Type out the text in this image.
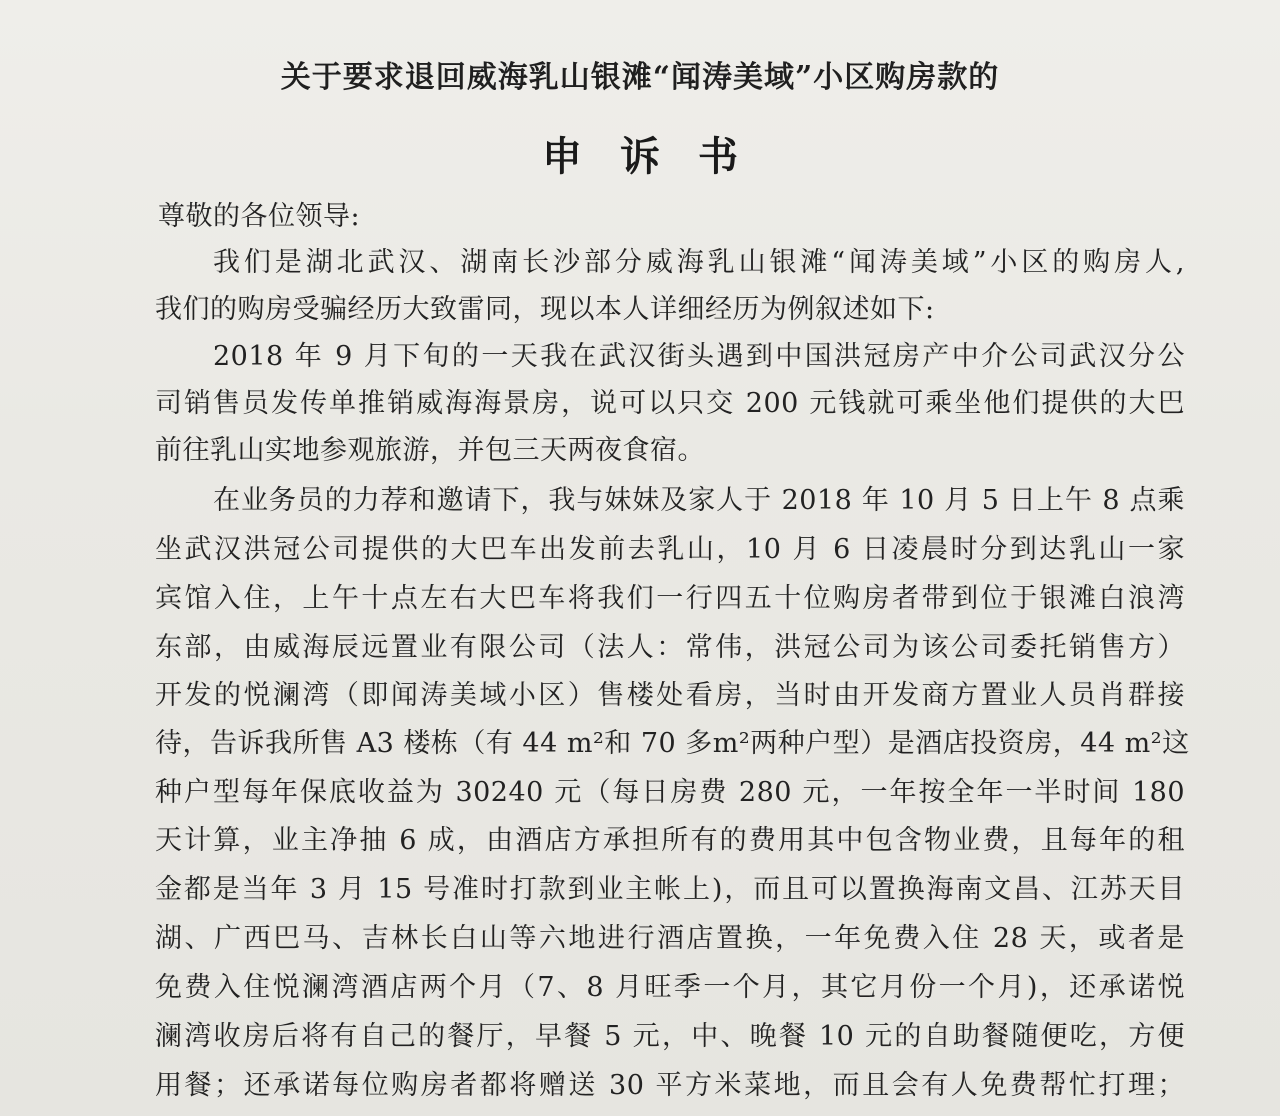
关于要求退回威海乳山银滩“闻涛美域”小区购房款的
申诉书
尊敬的各位领导:
我们是湖北武汉、湖南长沙部分威海乳山银滩“闻涛美域”小区的购房人,
我们的购房受骗经历大致雷同，现以本人详细经历为例叙述如下:
2018 年 9 月下旬的一天我在武汉街头遇到中国洪冠房产中介公司武汉分公
司销售员发传单推销威海海景房，说可以只交 200 元钱就可乘坐他们提供的大巴
前往乳山实地参观旅游，并包三天两夜食宿。
在业务员的力荐和邀请下，我与妹妹及家人于 2018 年 10 月 5 日上午 8 点乘
坐武汉洪冠公司提供的大巴车出发前去乳山，10 月 6 日凌晨时分到达乳山一家
宾馆入住，上午十点左右大巴车将我们一行四五十位购房者带到位于银滩白浪湾
东部，由威海辰远置业有限公司（法人：常伟，洪冠公司为该公司委托销售方）
开发的悦澜湾（即闻涛美域小区）售楼处看房，当时由开发商方置业人员肖群接
待，告诉我所售 A3 楼栋（有 44 m²和 70 多m²两种户型）是酒店投资房，44 m²这
种户型每年保底收益为 30240 元（每日房费 280 元，一年按全年一半时间 180
天计算，业主净抽 6 成，由酒店方承担所有的费用其中包含物业费，且每年的租
金都是当年 3 月 15 号准时打款到业主帐上)，而且可以置换海南文昌、江苏天目
湖、广西巴马、吉林长白山等六地进行酒店置换，一年免费入住 28 天，或者是
免费入住悦澜湾酒店两个月（7、8 月旺季一个月，其它月份一个月)，还承诺悦
澜湾收房后将有自己的餐厅，早餐 5 元，中、晚餐 10 元的自助餐随便吃，方便
用餐；还承诺每位购房者都将赠送 30 平方米菜地，而且会有人免费帮忙打理；
